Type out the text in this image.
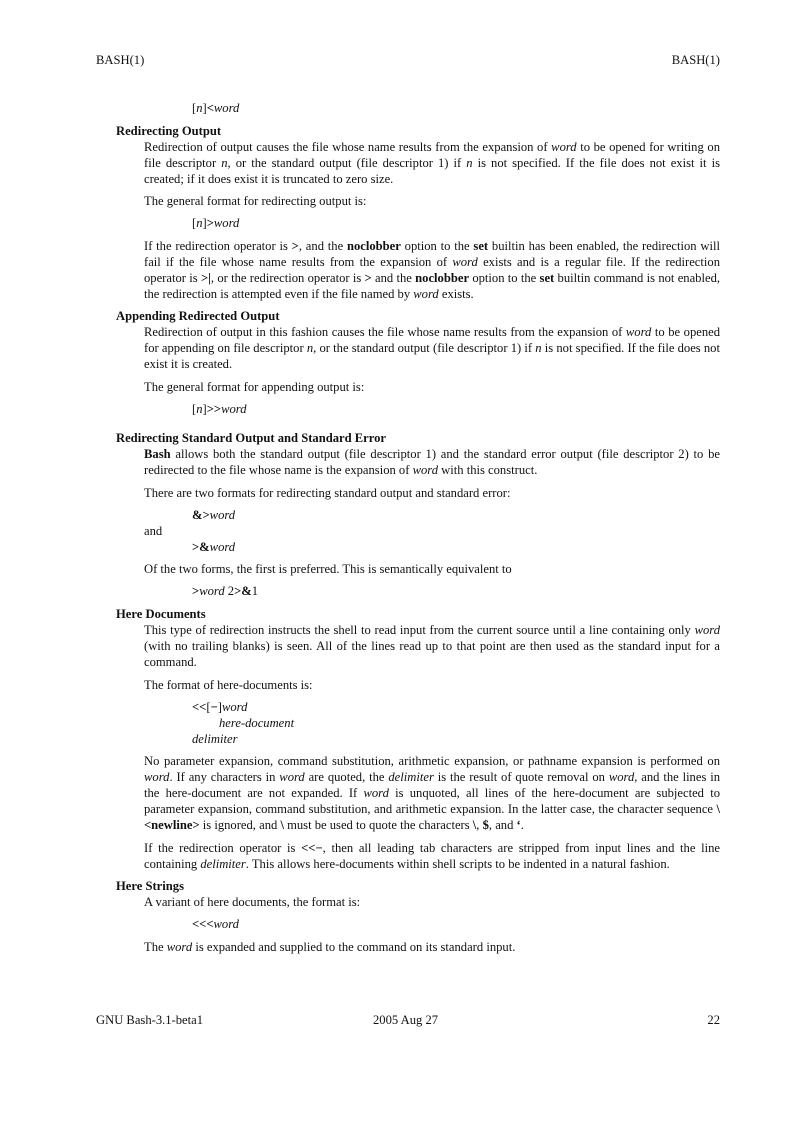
BASH(1)	BASH(1)
[n]<word
Redirecting Output
Redirection of output causes the file whose name results from the expansion of word to be opened for writing on file descriptor n, or the standard output (file descriptor 1) if n is not specified. If the file does not exist it is created; if it does exist it is truncated to zero size.
The general format for redirecting output is:
[n]>word
If the redirection operator is >, and the noclobber option to the set builtin has been enabled, the redirection will fail if the file whose name results from the expansion of word exists and is a regular file. If the redirection operator is >|, or the redirection operator is > and the noclobber option to the set builtin command is not enabled, the redirection is attempted even if the file named by word exists.
Appending Redirected Output
Redirection of output in this fashion causes the file whose name results from the expansion of word to be opened for appending on file descriptor n, or the standard output (file descriptor 1) if n is not specified. If the file does not exist it is created.
The general format for appending output is:
[n]>>word
Redirecting Standard Output and Standard Error
Bash allows both the standard output (file descriptor 1) and the standard error output (file descriptor 2) to be redirected to the file whose name is the expansion of word with this construct.
There are two formats for redirecting standard output and standard error:
&>word
and
>&word
Of the two forms, the first is preferred. This is semantically equivalent to
>word 2>&1
Here Documents
This type of redirection instructs the shell to read input from the current source until a line containing only word (with no trailing blanks) is seen. All of the lines read up to that point are then used as the standard input for a command.
The format of here-documents is:
<<[−]word
here-document
delimiter
No parameter expansion, command substitution, arithmetic expansion, or pathname expansion is performed on word. If any characters in word are quoted, the delimiter is the result of quote removal on word, and the lines in the here-document are not expanded. If word is unquoted, all lines of the here-document are subjected to parameter expansion, command substitution, and arithmetic expansion. In the latter case, the character sequence \<newline> is ignored, and \ must be used to quote the characters \, $, and ‘.
If the redirection operator is <<−, then all leading tab characters are stripped from input lines and the line containing delimiter. This allows here-documents within shell scripts to be indented in a natural fashion.
Here Strings
A variant of here documents, the format is:
<<<word
The word is expanded and supplied to the command on its standard input.
GNU Bash-3.1-beta1	2005 Aug 27	22
